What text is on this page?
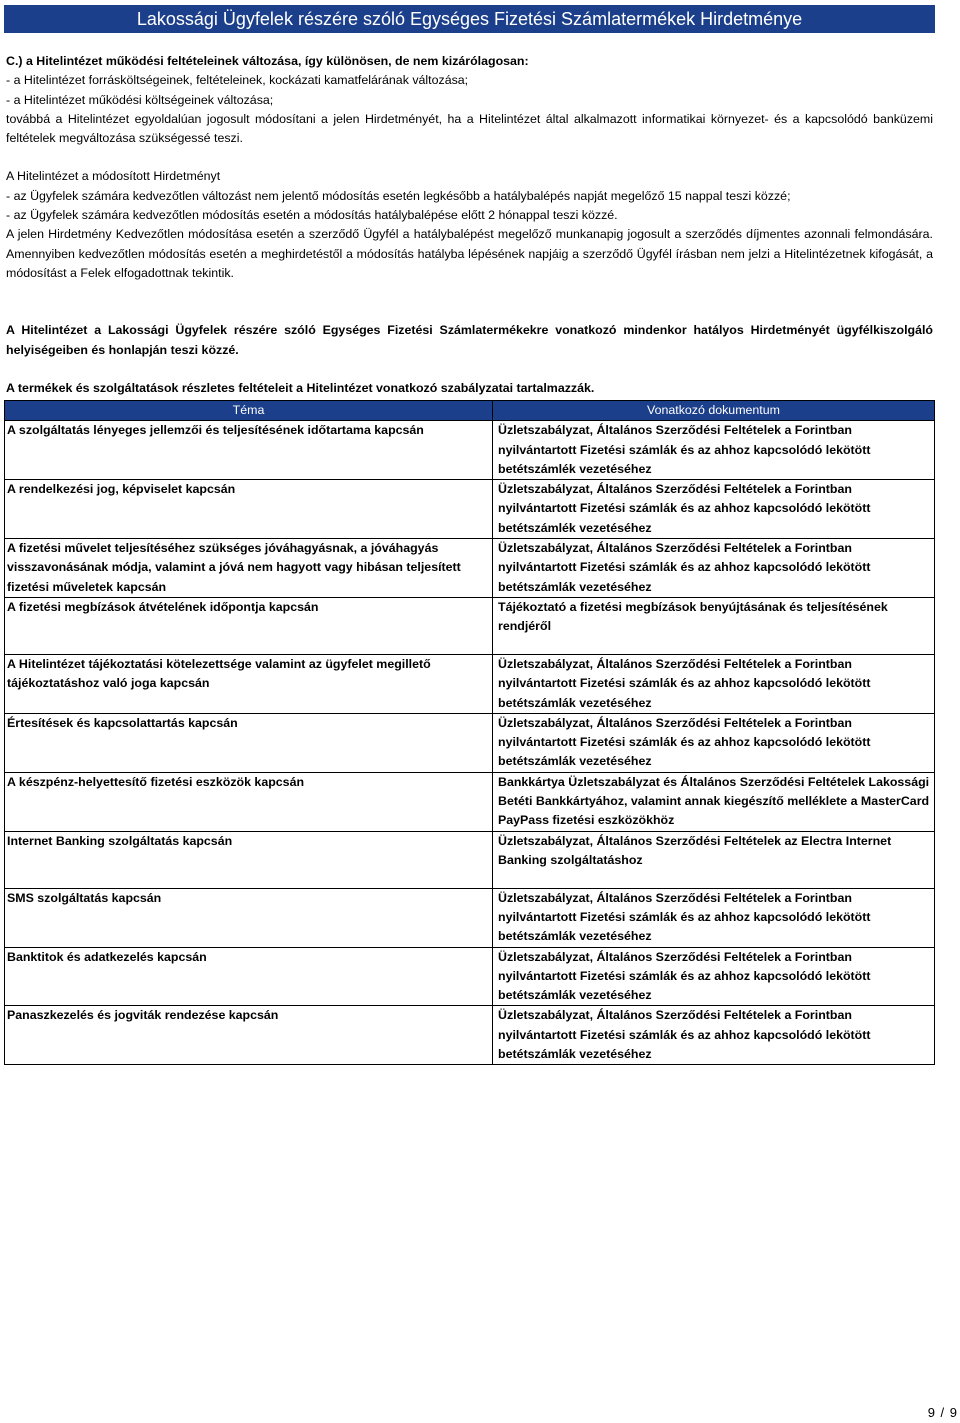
Lakossági Ügyfelek részére szóló Egységes Fizetési Számlatermékek Hirdetménye

C.) a Hitelintézet működési feltételeinek változása, így különösen, de nem kizárólagosan:

- a Hitelintézet forrásköltségeinek, feltételeinek, kockázati kamatfelárának változása;

- a Hitelintézet működési költségeinek változása;

továbbá a Hitelintézet egyoldalúan jogosult módosítani a jelen Hirdetményét, ha a Hitelintézet által alkalmazott informatikai környezet- és a kapcsolódó banküzemi feltételek megváltozása szükségessé teszi.

A Hitelintézet a módosított Hirdetményt

- az Ügyfelek számára kedvezőtlen változást nem jelentő módosítás esetén legkésőbb a hatálybalépés napját megelőző 15 nappal teszi közzé;

- az Ügyfelek számára kedvezőtlen módosítás esetén a módosítás hatálybalépése előtt 2 hónappal teszi közzé.

A jelen Hirdetmény Kedvezőtlen módosítása esetén a szerződő Ügyfél a hatálybalépést megelőző munkanapig jogosult a szerződés díjmentes azonnali felmondására. Amennyiben kedvezőtlen módosítás esetén a meghirdetéstől a módosítás hatályba lépésének napjáig a szerződő Ügyfél írásban nem jelzi a Hitelintézetnek kifogását, a módosítást a Felek elfogadottnak tekintik.

A Hitelintézet a Lakossági Ügyfelek részére szóló Egységes Fizetési Számlatermékekre vonatkozó mindenkor hatályos Hirdetményét ügyfélkiszolgáló helyiségeiben és honlapján teszi közzé.

A termékek és szolgáltatások részletes feltételeit a Hitelintézet vonatkozó szabályzatai tartalmazzák.

Téma	Vonatkozó dokumentum
A szolgáltatás lényeges jellemzői és teljesítésének időtartama kapcsán	Üzletszabályzat, Általános Szerződési Feltételek a Forintban nyilvántartott Fizetési számlák és az ahhoz kapcsolódó lekötött betétszámlék vezetéséhez
A rendelkezési jog, képviselet kapcsán	Üzletszabályzat, Általános Szerződési Feltételek a Forintban nyilvántartott Fizetési számlák és az ahhoz kapcsolódó lekötött betétszámlék vezetéséhez
A fizetési művelet teljesítéséhez szükséges jóváhagyásnak, a jóváhagyás visszavonásának módja, valamint a jóvá nem hagyott vagy hibásan teljesített fizetési műveletek kapcsán	Üzletszabályzat, Általános Szerződési Feltételek a Forintban nyilvántartott Fizetési számlák és az ahhoz kapcsolódó lekötött betétszámlák vezetéséhez
A fizetési megbízások átvételének időpontja kapcsán	Tájékoztató a fizetési megbízások benyújtásának és teljesítésének rendjéről
A Hitelintézet tájékoztatási kötelezettsége valamint az ügyfelet megillető tájékoztatáshoz való joga kapcsán	Üzletszabályzat, Általános Szerződési Feltételek a Forintban nyilvántartott Fizetési számlák és az ahhoz kapcsolódó lekötött betétszámlák vezetéséhez
Értesítések és kapcsolattartás kapcsán	Üzletszabályzat, Általános Szerződési Feltételek a Forintban nyilvántartott Fizetési számlák és az ahhoz kapcsolódó lekötött betétszámlák vezetéséhez
A készpénz-helyettesítő fizetési eszközök kapcsán	Bankkártya Üzletszabályzat és Általános Szerződési Feltételek Lakossági Betéti Bankkártyához, valamint annak kiegészítő melléklete a MasterCard PayPass fizetési eszközökhöz
Internet Banking szolgáltatás kapcsán	Üzletszabályzat, Általános Szerződési Feltételek az Electra Internet Banking szolgáltatáshoz
SMS szolgáltatás kapcsán	Üzletszabályzat, Általános Szerződési Feltételek a Forintban nyilvántartott Fizetési számlák és az ahhoz kapcsolódó lekötött betétszámlák vezetéséhez
Banktitok és adatkezelés kapcsán	Üzletszabályzat, Általános Szerződési Feltételek a Forintban nyilvántartott Fizetési számlák és az ahhoz kapcsolódó lekötött betétszámlák vezetéséhez
Panaszkezelés és jogviták rendezése kapcsán	Üzletszabályzat, Általános Szerződési Feltételek a Forintban nyilvántartott Fizetési számlák és az ahhoz kapcsolódó lekötött betétszámlák vezetéséhez
9 / 9
